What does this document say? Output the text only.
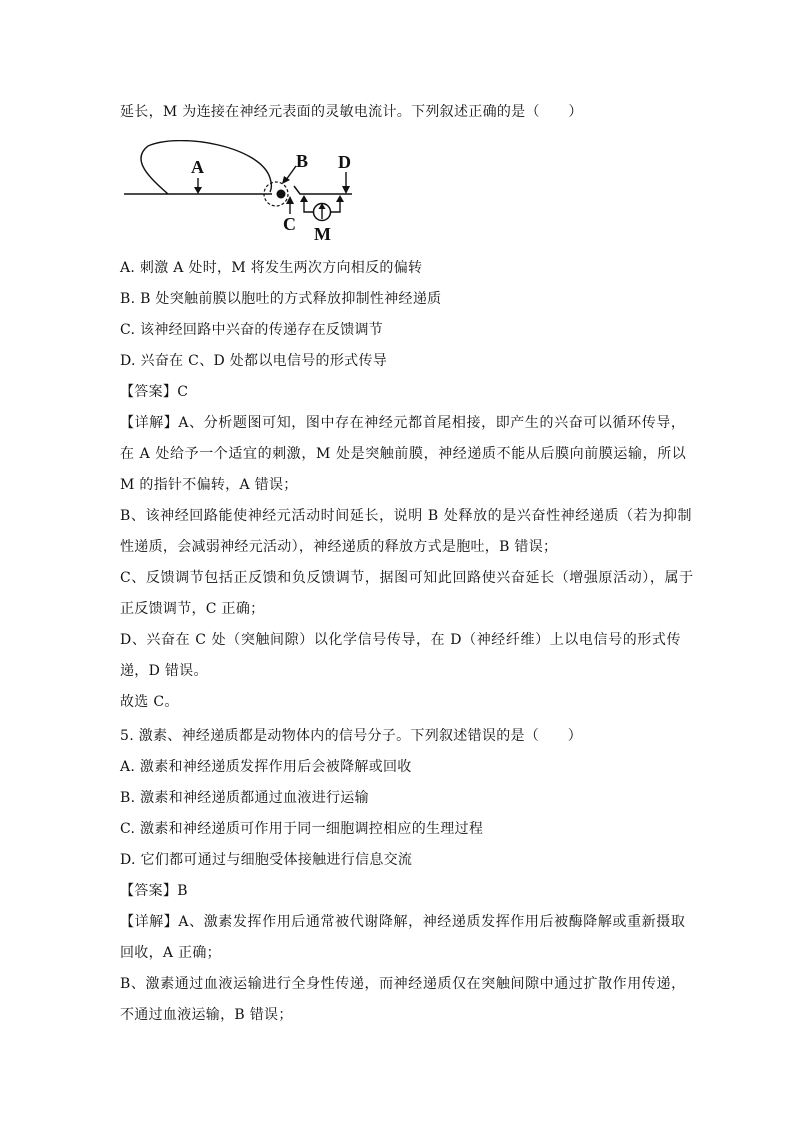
延长，M 为连接在神经元表面的灵敏电流计。下列叙述正确的是（　　）
A	B D
C M
A. 刺激 A 处时，M 将发生两次方向相反的偏转
B. B 处突触前膜以胞吐的方式释放抑制性神经递质
C. 该神经回路中兴奋的传递存在反馈调节
D. 兴奋在 C、D 处都以电信号的形式传导
【答案】C
【详解】A、分析题图可知，图中存在神经元都首尾相接，即产生的兴奋可以循环传导，
在 A 处给予一个适宜的刺激，M 处是突触前膜，神经递质不能从后膜向前膜运输，所以
M 的指针不偏转，A 错误；
B、该神经回路能使神经元活动时间延长，说明 B 处释放的是兴奋性神经递质（若为抑制
性递质，会减弱神经元活动），神经递质的释放方式是胞吐，B 错误；
C、反馈调节包括正反馈和负反馈调节，据图可知此回路使兴奋延长（增强原活动），属于
正反馈调节，C 正确；
D、兴奋在 C 处（突触间隙）以化学信号传导，在 D（神经纤维）上以电信号的形式传
递，D 错误。
故选 C。
5. 激素、神经递质都是动物体内的信号分子。下列叙述错误的是（　　）
A. 激素和神经递质发挥作用后会被降解或回收
B. 激素和神经递质都通过血液进行运输
C. 激素和神经递质可作用于同一细胞调控相应的生理过程
D. 它们都可通过与细胞受体接触进行信息交流
【答案】B
【详解】A、激素发挥作用后通常被代谢降解，神经递质发挥作用后被酶降解或重新摄取
回收，A 正确；
B、激素通过血液运输进行全身性传递，而神经递质仅在突触间隙中通过扩散作用传递，
不通过血液运输，B 错误；
